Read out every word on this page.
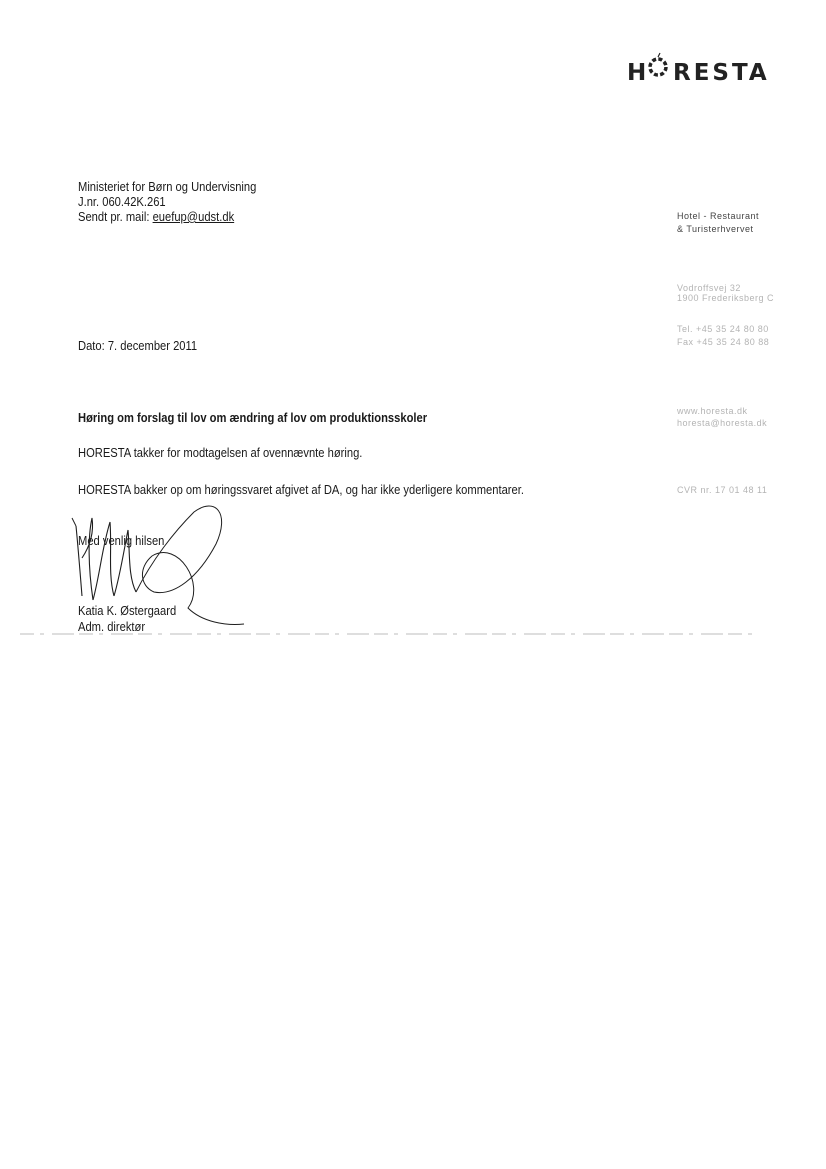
H RESTA
Ministeriet for Børn og Undervisning
J.nr. 060.42K.261
Sendt pr. mail: euefup@udst.dk	Hotel - Restaurant
& Turisterhvervet
Vodroffsvej 32
1900 Frederiksberg C
Tel. +45 35 24 80 80
Fax +45 35 24 80 88
www.horesta.dk
horesta@horesta.dk
CVR nr. 17 01 48 11
Dato: 7. december 2011
Høring om forslag til lov om ændring af lov om produktionsskoler
HORESTA takker for modtagelsen af ovennævnte høring.
HORESTA bakker op om høringssvaret afgivet af DA, og har ikke yderligere kommentarer.
Med venlig hilsen
Katia K. Østergaard
Adm. direktør
